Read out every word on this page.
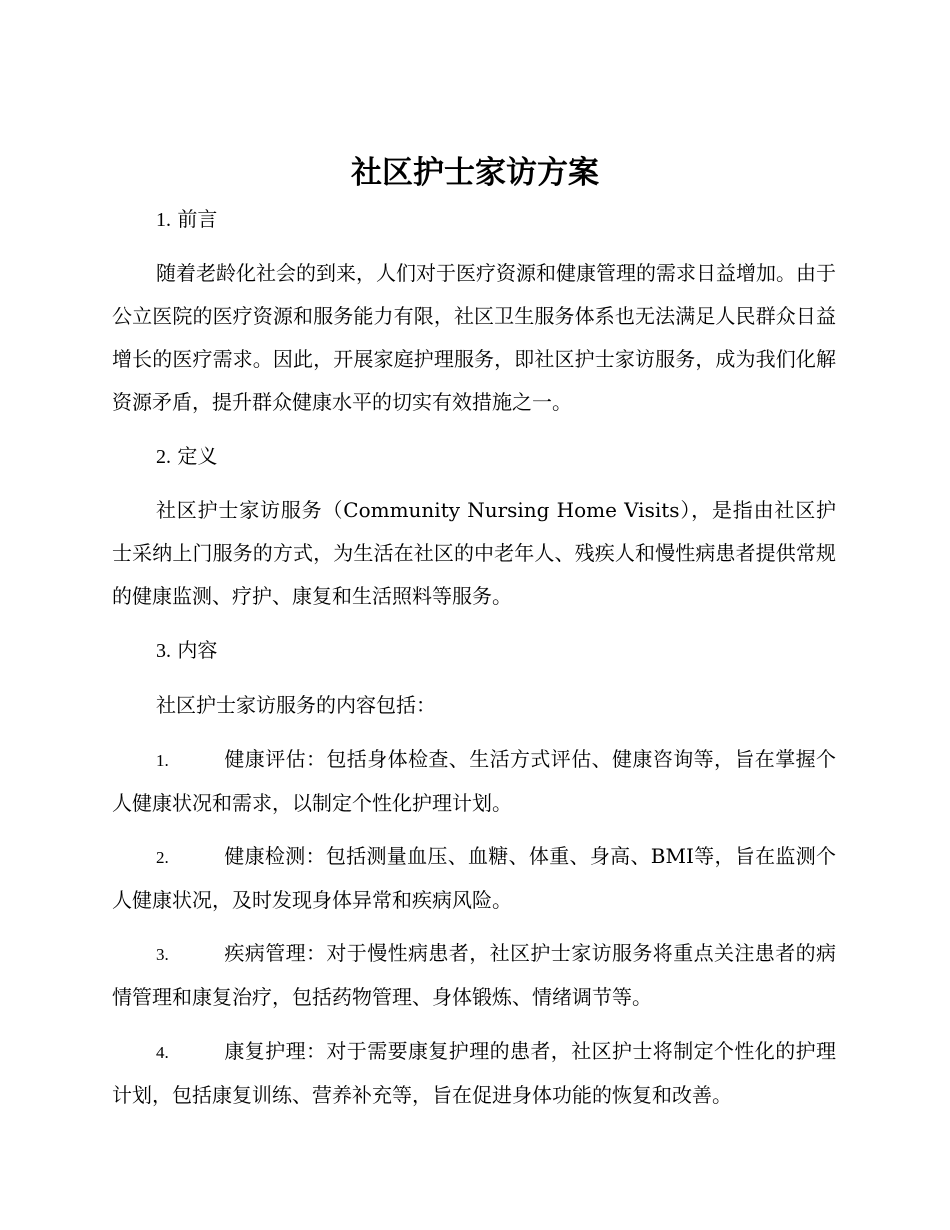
社区护士家访方案
1. 前言

随着老龄化社会的到来，人们对于医疗资源和健康管理的需求日益增加。由于公立医院的医疗资源和服务能力有限，社区卫生服务体系也无法满足人民群众日益增长的医疗需求。因此，开展家庭护理服务，即社区护士家访服务，成为我们化解资源矛盾，提升群众健康水平的切实有效措施之一。

2. 定义

社区护士家访服务（Community Nursing Home Visits），是指由社区护士采纳上门服务的方式，为生活在社区的中老年人、残疾人和慢性病患者提供常规的健康监测、疗护、康复和生活照料等服务。

3. 内容

社区护士家访服务的内容包括：

1.	健康评估：包括身体检查、生活方式评估、健康咨询等，旨在掌握个人健康状况和需求，以制定个性化护理计划。

2.	健康检测：包括测量血压、血糖、体重、身高、BMI等，旨在监测个人健康状况，及时发现身体异常和疾病风险。

3.	疾病管理：对于慢性病患者，社区护士家访服务将重点关注患者的病情管理和康复治疗，包括药物管理、身体锻炼、情绪调节等。

4.	康复护理：对于需要康复护理的患者，社区护士将制定个性化的护理计划，包括康复训练、营养补充等，旨在促进身体功能的恢复和改善。
